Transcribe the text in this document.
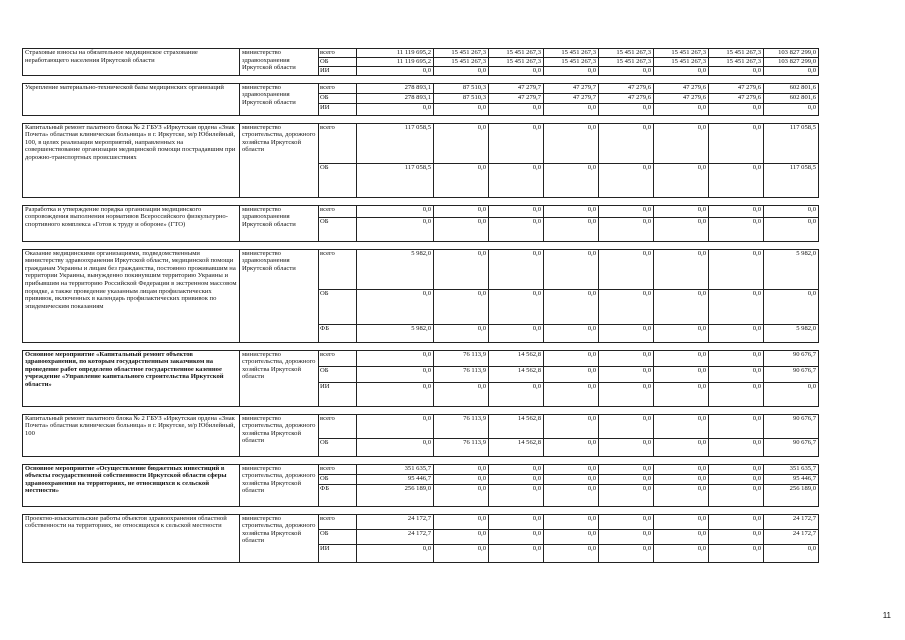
Страховые взносы на обязательное медицинское страхование неработающего населения Иркутской области	министерство здравоохранения Иркутской области	всего	11 119 695,2	15 451 267,3	15 451 267,3	15 451 267,3	15 451 267,3	15 451 267,3	15 451 267,3	103 827 299,0
		ОБ	11 119 695,2	15 451 267,3	15 451 267,3	15 451 267,3	15 451 267,3	15 451 267,3	15 451 267,3	103 827 299,0
		ИИ	0,0	0,0	0,0	0,0	0,0	0,0	0,0	0,0

Укрепление материально-технической базы медицинских организаций	министерство здравоохранения Иркутской области	всего	278 893,1	87 510,3	47 279,7	47 279,7	47 279,6	47 279,6	47 279,6	602 801,6
		ОБ	278 893,1	87 510,3	47 279,7	47 279,7	47 279,6	47 279,6	47 279,6	602 801,6
		ИИ	0,0	0,0	0,0	0,0	0,0	0,0	0,0	0,0

Капитальный ремонт палатного блока № 2 ГБУЗ «Иркутская ордена «Знак Почета» областная клиническая больница» в г. Иркутске, м/р Юбилейный, 100, в целях реализации мероприятий, направленных на совершенствование организации медицинской помощи пострадавшим при дорожно-транспортных происшествиях	министерство строительства, дорожного хозяйства Иркутской области	всего	117 058,5	0,0	0,0	0,0	0,0	0,0	0,0	117 058,5
		ОБ	117 058,5	0,0	0,0	0,0	0,0	0,0	0,0	117 058,5

Разработка и утверждение порядка организации медицинского сопровождения выполнения нормативов Всероссийского физкультурно-спортивного комплекса «Готов к труду и обороне» (ГТО)	министерство здравоохранения Иркутской области	всего	0,0	0,0	0,0	0,0	0,0	0,0	0,0	0,0
		ОБ	0,0	0,0	0,0	0,0	0,0	0,0	0,0	0,0

Оказание медицинскими организациями, подведомственными министерству здравоохранения Иркутской области, медицинской помощи гражданам Украины и лицам без гражданства, постоянно проживавшим на территории Украины, вынужденно покинувшим территорию Украины и прибывшим на территорию Российской Федерации в экстренном массовом порядке, а также проведение указанным лицам профилактических прививок, включенных в календарь профилактических прививок по эпидемическим показаниям	министерство здравоохранения Иркутской области	всего	5 982,0	0,0	0,0	0,0	0,0	0,0	0,0	5 982,0
		ОБ	0,0	0,0	0,0	0,0	0,0	0,0	0,0	0,0
		ФБ	5 982,0	0,0	0,0	0,0	0,0	0,0	0,0	5 982,0

Основное мероприятие «Капитальный ремонт объектов здравоохранения, по которым государственным заказчиком на проведение работ определено областное государственное казенное учреждение «Управление капитального строительства Иркутской области»	министерство строительства, дорожного хозяйства Иркутской области	всего	0,0	76 113,9	14 562,8	0,0	0,0	0,0	0,0	90 676,7
		ОБ	0,0	76 113,9	14 562,8	0,0	0,0	0,0	0,0	90 676,7
		ИИ	0,0	0,0	0,0	0,0	0,0	0,0	0,0	0,0

Капитальный ремонт палатного блока № 2 ГБУЗ «Иркутская ордена «Знак Почета» областная клиническая больница» в г. Иркутске, м/р Юбилейный, 100	министерство строительства, дорожного хозяйства Иркутской области	всего	0,0	76 113,9	14 562,8	0,0	0,0	0,0	0,0	90 676,7
		ОБ	0,0	76 113,9	14 562,8	0,0	0,0	0,0	0,0	90 676,7

Основное мероприятие «Осуществление бюджетных инвестиций в объекты государственной собственности Иркутской области сферы здравоохранения на территориях, не относящихся к сельской местности»	министерство строительства, дорожного хозяйства Иркутской области	всего	351 635,7	0,0	0,0	0,0	0,0	0,0	0,0	351 635,7
		ОБ	95 446,7	0,0	0,0	0,0	0,0	0,0	0,0	95 446,7
		ФБ	256 189,0	0,0	0,0	0,0	0,0	0,0	0,0	256 189,0

Проектно-изыскательские работы объектов здравоохранения областной собственности на территориях, не относящихся к сельской местности	министерство строительства, дорожного хозяйства Иркутской области	всего	24 172,7	0,0	0,0	0,0	0,0	0,0	0,0	24 172,7
		ОБ	24 172,7	0,0	0,0	0,0	0,0	0,0	0,0	24 172,7
		ИИ	0,0	0,0	0,0	0,0	0,0	0,0	0,0	0,0
11
